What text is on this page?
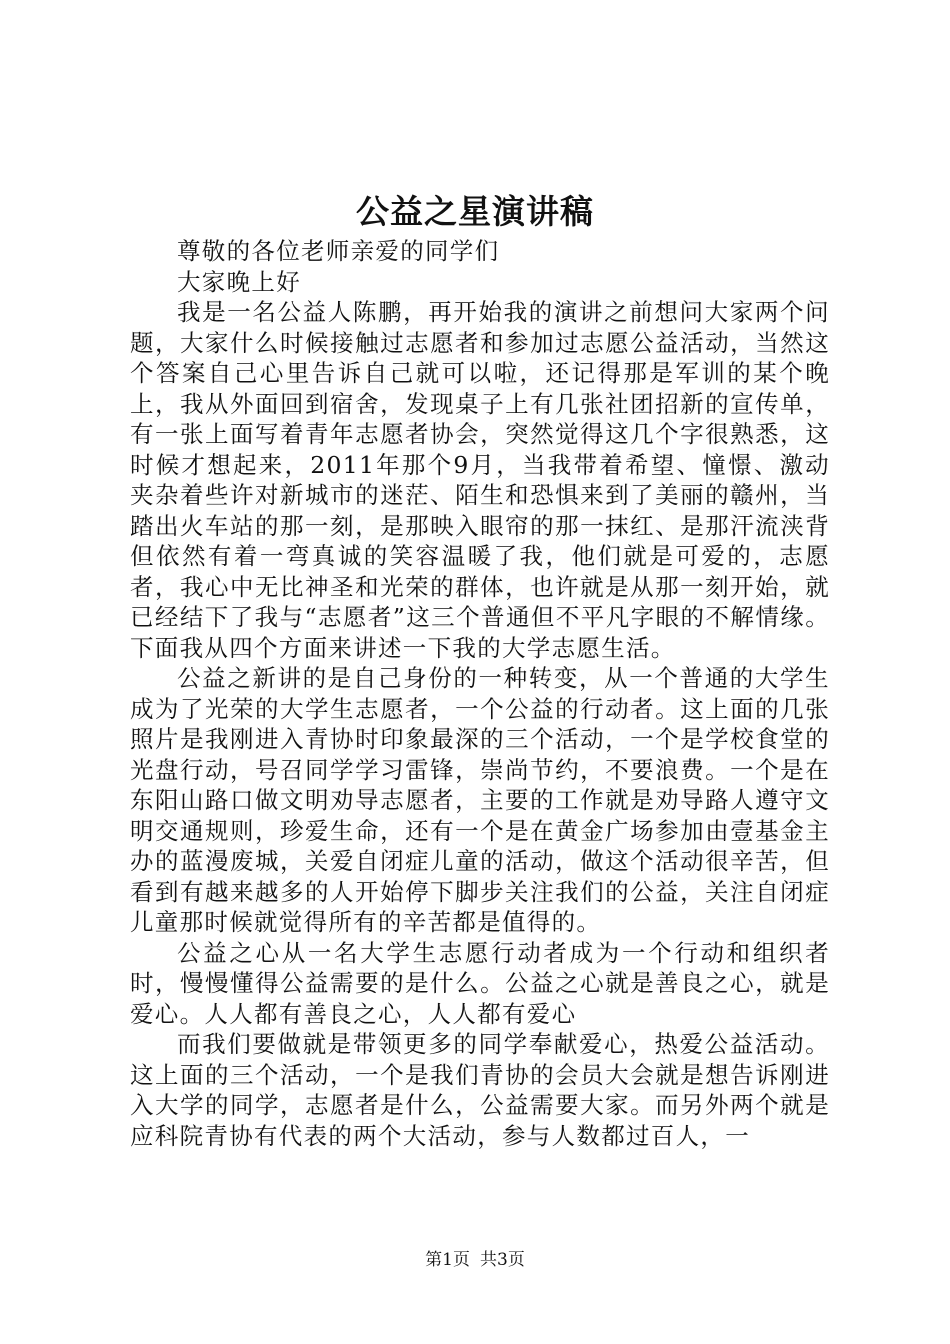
公益之星演讲稿

尊敬的各位老师亲爱的同学们

大家晚上好

我是一名公益人陈鹏，再开始我的演讲之前想问大家两个问题，大家什么时候接触过志愿者和参加过志愿公益活动，当然这个答案自己心里告诉自己就可以啦，还记得那是军训的某个晚上，我从外面回到宿舍，发现桌子上有几张社团招新的宣传单，有一张上面写着青年志愿者协会，突然觉得这几个字很熟悉，这时候才想起来，2011年那个9月，当我带着希望、憧憬、激动夹杂着些许对新城市的迷茫、陌生和恐惧来到了美丽的赣州，当踏出火车站的那一刻，是那映入眼帘的那一抹红、是那汗流浃背但依然有着一弯真诚的笑容温暖了我，他们就是可爱的，志愿者，我心中无比神圣和光荣的群体，也许就是从那一刻开始，就已经结下了我与“志愿者”这三个普通但不平凡字眼的不解情缘。下面我从四个方面来讲述一下我的大学志愿生活。

公益之新讲的是自己身份的一种转变，从一个普通的大学生成为了光荣的大学生志愿者，一个公益的行动者。这上面的几张照片是我刚进入青协时印象最深的三个活动，一个是学校食堂的光盘行动，号召同学学习雷锋，崇尚节约，不要浪费。一个是在东阳山路口做文明劝导志愿者，主要的工作就是劝导路人遵守文明交通规则，珍爱生命，还有一个是在黄金广场参加由壹基金主办的蓝漫废城，关爱自闭症儿童的活动，做这个活动很辛苦，但看到有越来越多的人开始停下脚步关注我们的公益，关注自闭症儿童那时候就觉得所有的辛苦都是值得的。

公益之心从一名大学生志愿行动者成为一个行动和组织者时，慢慢懂得公益需要的是什么。公益之心就是善良之心，就是爱心。人人都有善良之心，人人都有爱心

而我们要做就是带领更多的同学奉献爱心，热爱公益活动。这上面的三个活动，一个是我们青协的会员大会就是想告诉刚进入大学的同学，志愿者是什么，公益需要大家。而另外两个就是应科院青协有代表的两个大活动，参与人数都过百人，一

第1页 共3页
